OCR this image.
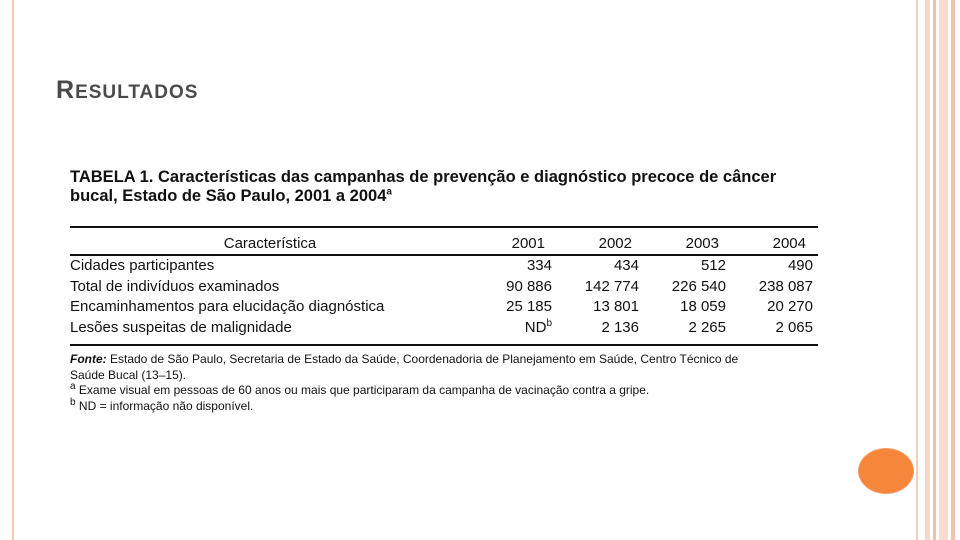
RESULTADOS
TABELA 1. Características das campanhas de prevenção e diagnóstico precoce de câncer
bucal, Estado de São Paulo, 2001 a 2004$^a$
Característica	2001	2002	2003	2004

Cidades participantes	334	434	512	490
Total de indivíduos examinados	90 886	142 774	226 540	238 087
Encaminhamentos para elucidação diagnóstica	25 185	13 801	18 059	20 270
Lesões suspeitas de malignidade	$ND^b$	2 136	2 265	2 065

Fonte: Estado de São Paulo, Secretaria de Estado da Saúde, Coordenadoria de Planejamento em Saúde, Centro Técnico de

Saúde Bucal (13–15).

$^a$ Exame visual em pessoas de 60 anos ou mais que participaram da campanha de vacinação contra a gripe.

$^b$ ND = informação não disponível.
